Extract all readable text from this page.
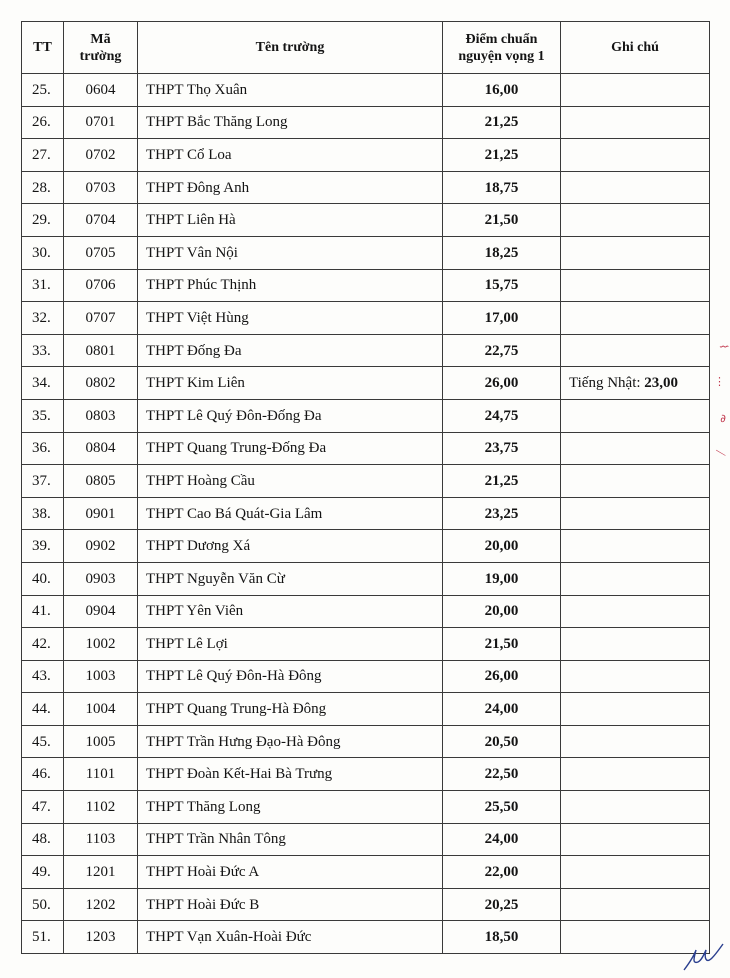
TT	Mã trường	Tên trường	Điểm chuẩn nguyện vọng 1	Ghi chú
25.	0604	THPT Thọ Xuân	16,00	
26.	0701	THPT Bắc Thăng Long	21,25	
27.	0702	THPT Cổ Loa	21,25	
28.	0703	THPT Đông Anh	18,75	
29.	0704	THPT Liên Hà	21,50	
30.	0705	THPT Vân Nội	18,25	
31.	0706	THPT Phúc Thịnh	15,75	
32.	0707	THPT Việt Hùng	17,00	
33.	0801	THPT Đống Đa	22,75	
34.	0802	THPT Kim Liên	26,00	Tiếng Nhật: 23,00
35.	0803	THPT Lê Quý Đôn-Đống Đa	24,75	
36.	0804	THPT Quang Trung-Đống Đa	23,75	
37.	0805	THPT Hoàng Cầu	21,25	
38.	0901	THPT Cao Bá Quát-Gia Lâm	23,25	
39.	0902	THPT Dương Xá	20,00	
40.	0903	THPT Nguyễn Văn Cừ	19,00	
41.	0904	THPT Yên Viên	20,00	
42.	1002	THPT Lê Lợi	21,50	
43.	1003	THPT Lê Quý Đôn-Hà Đông	26,00	
44.	1004	THPT Quang Trung-Hà Đông	24,00	
45.	1005	THPT Trần Hưng Đạo-Hà Đông	20,50	
46.	1101	THPT Đoàn Kết-Hai Bà Trưng	22,50	
47.	1102	THPT Thăng Long	25,50	
48.	1103	THPT Trần Nhân Tông	24,00	
49.	1201	THPT Hoài Đức A	22,00	
50.	1202	THPT Hoài Đức B	20,25	
51.	1203	THPT Vạn Xuân-Hoài Đức	18,50	
⌇
⋮
∂
⟋
